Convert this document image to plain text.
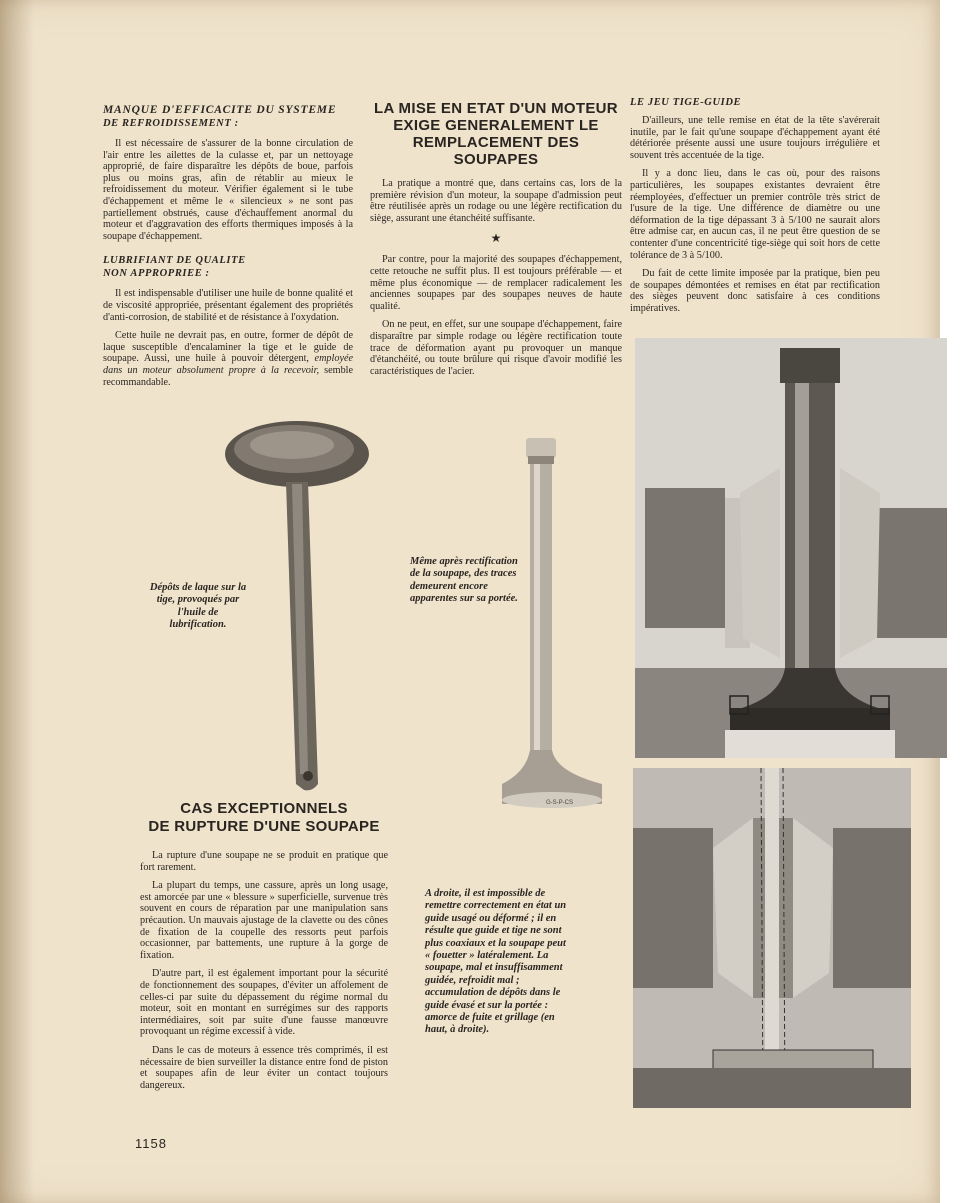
MANQUE D'EFFICACITE DU SYSTEME

DE REFROIDISSEMENT :

Il est nécessaire de s'assurer de la bonne circulation de l'air entre les ailettes de la culasse et, par un nettoyage approprié, de faire disparaître les dépôts de boue, parfois plus ou moins gras, afin de rétablir au mieux le refroidissement du moteur. Vérifier également si le tube d'échappement et même le « silencieux » ne sont pas partiellement obstrués, cause d'échauffement anormal du moteur et d'aggravation des efforts thermiques imposés à la soupape d'échappement.

LUBRIFIANT DE QUALITE

NON APPROPRIEE :

Il est indispensable d'utiliser une huile de bonne qualité et de viscosité appropriée, présentant également des propriétés d'anti-corrosion, de stabilité et de résistance à l'oxydation.

Cette huile ne devrait pas, en outre, former de dépôt de laque susceptible d'encalaminer la tige et le guide de soupape. Aussi, une huile à pouvoir détergent, employée dans un moteur absolument propre à la recevoir, semble recommandable.

LA MISE EN ETAT D'UN MOTEUR EXIGE GENERALEMENT LE REMPLACEMENT DES SOUPAPES

La pratique a montré que, dans certains cas, lors de la première révision d'un moteur, la soupape d'admission peut être réutilisée après un rodage ou une légère rectification du siège, assurant une étanchéité suffisante.

★

Par contre, pour la majorité des soupapes d'échappement, cette retouche ne suffit plus. Il est toujours préférable — et même plus économique — de remplacer radicalement les anciennes soupapes par des soupapes neuves de haute qualité.

On ne peut, en effet, sur une soupape d'échappement, faire disparaître par simple rodage ou légère rectification toute trace de déformation ayant pu provoquer un manque d'étanchéité, ou toute brûlure qui risque d'avoir modifié les caractéristiques de l'acier.

LE JEU TIGE-GUIDE

D'ailleurs, une telle remise en état de la tête s'avérerait inutile, par le fait qu'une soupape d'échappement ayant été détériorée présente aussi une usure toujours irrégulière et souvent très accentuée de la tige.

Il y a donc lieu, dans le cas où, pour des raisons particulières, les soupapes existantes devraient être réemployées, d'effectuer un premier contrôle très strict de l'usure de la tige. Une différence de diamètre ou une déformation de la tige dépassant 3 à 5/100 ne saurait alors être admise car, en aucun cas, il ne peut être question de se contenter d'une concentricité tige-siège qui soit hors de cette tolérance de 3 à 5/100.

Du fait de cette limite imposée par la pratique, bien peu de soupapes démontées et remises en état par rectification des sièges peuvent donc satisfaire à ces conditions impératives.

G-S-P-CS

Dépôts de laque sur la tige, provoqués par l'huile de lubrification.

Même après rectification de la soupape, des traces demeurent encore apparentes sur sa portée.

A droite, il est impossible de remettre correctement en état un guide usagé ou déformé ; il en résulte que guide et tige ne sont plus coaxiaux et la soupape peut « fouetter » latéralement. La soupape, mal et insuffisamment guidée, refroidit mal ; accumulation de dépôts dans le guide évasé et sur la portée : amorce de fuite et grillage (en haut, à droite).

CAS EXCEPTIONNELS
DE RUPTURE D'UNE SOUPAPE

La rupture d'une soupape ne se produit en pratique que fort rarement.

La plupart du temps, une cassure, après un long usage, est amorcée par une « blessure » superficielle, survenue très souvent en cours de réparation par une manipulation sans précaution. Un mauvais ajustage de la clavette ou des cônes de fixation de la coupelle des ressorts peut parfois occasionner, par battements, une rupture à la gorge de fixation.

D'autre part, il est également important pour la sécurité de fonctionnement des soupapes, d'éviter un affolement de celles-ci par suite du dépassement du régime normal du moteur, soit en montant en surrégimes sur des rapports intermédiaires, soit par suite d'une fausse manœuvre provoquant un régime excessif à vide.

Dans le cas de moteurs à essence très comprimés, il est nécessaire de bien surveiller la distance entre fond de piston et soupapes afin de leur éviter un contact toujours dangereux.

1158
